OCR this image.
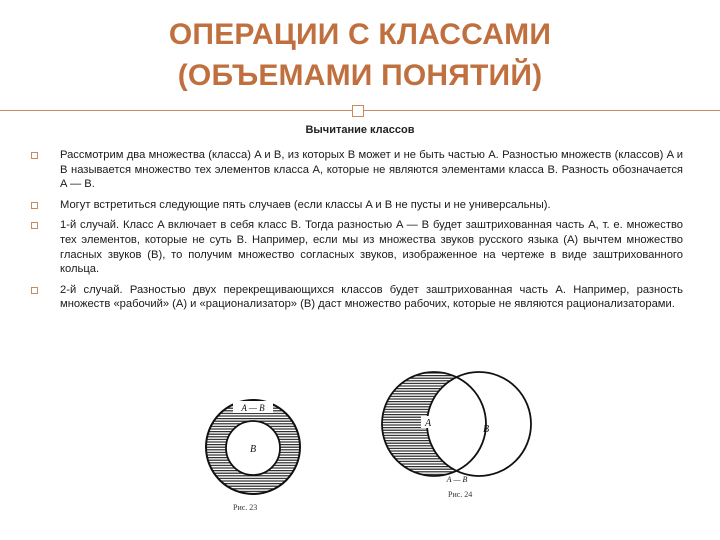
ОПЕРАЦИИ С КЛАССАМИ
(ОБЪЕМАМИ ПОНЯТИЙ)
Вычитание классов
Рассмотрим два множества (класса) A и B, из которых B может и не быть частью A. Разностью множеств (классов) A и B называется множество тех элементов класса A, которые не являются элементами класса B. Разность обозначается A — B.
Могут встретиться следующие пять случаев (если классы A и B не пусты и не универсальны).
1-й случай. Класс A включает в себя класс B. Тогда разностью A — B будет заштрихованная часть A, т. е. множество тех элементов, которые не суть B. Например, если мы из множества звуков русского языка (A) вычтем множество гласных звуков (B), то получим множество согласных звуков, изображенное на чертеже в виде заштрихованного кольца.
2-й случай. Разностью двух перекрещивающихся классов будет заштрихованная часть A. Например, разность множеств «рабочий» (A) и «рационализатор» (B) даст множество рабочих, которые не являются рационализаторами.
A — B
B
Рис. 23
A
B
A — B
Рис. 24
